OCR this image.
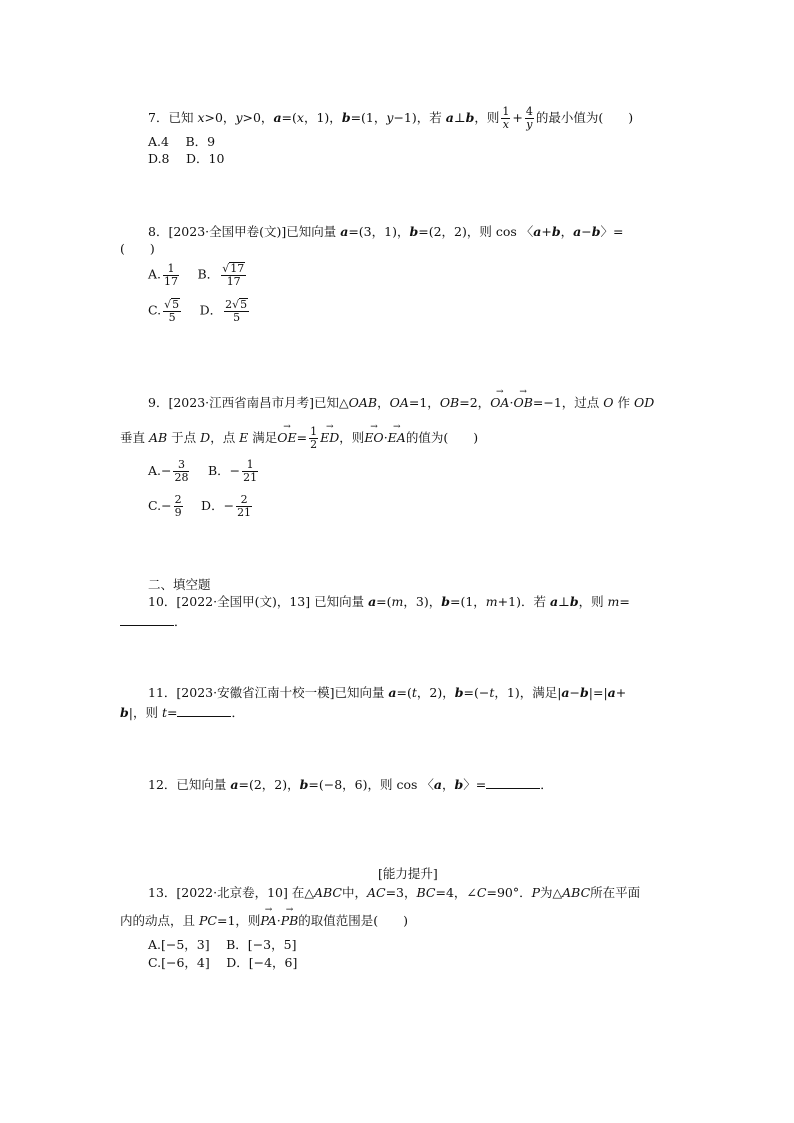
7．已知 x>0，y>0，a=(x，1)，b=(1，y−1)，若 a⊥b，则 $\frac{1}{x} + \frac{4}{y}$ 的最小值为(　　)
A.4　 B．9
D.8　 D．10
8．[2023·全国甲卷(文)]已知向量 a=(3，1)，b=(2，2)，则 cos 〈a+b，a−b〉=
(　　)
A. $\frac{1}{17}$ 　 B． $\frac{√17}{17}$
C. $\frac{√5}{5}$ 　 D． $\frac{2√5}{5}$
9．[2023·江西省南昌市月考]已知△OAB，OA=1，OB=2，→ OA·→ OB=−1，过点 O 作 OD
垂直 AB 于点 D，点 E 满足→ $OE= \frac{1}{2}$
→ ED，则→ EO·→ EA的值为(　　)
$A.- \frac{3}{28}$ 　 B．− $\frac{1}{21}$
$C.- \frac{2}{9}$ 　 D．− $\frac{2}{21}$
二、填空题
10．[2022·全国甲(文)，13] 已知向量 a=(m，3)，b=(1，m+1)．若 a⊥b，则 m=
．
11．[2023·安徽省江南十校一模]已知向量 a=(t，2)，b=(−t，1)，满足|a−b|=|a+
b|，则 t=	．
12．已知向量 a=(2，2)，b=(−8，6)，则 cos 〈a，b〉=	．
[能力提升]
13．[2022·北京卷，10] 在△ABC中，AC=3，BC=4，∠C=90°．P为△ABC所在平面
内的动点，且 PC=1，则→ PA·→ PB的取值范围是(　　)
A.[−5，3]　 B．[−3，5]
C.[−6，4]　 D．[−4，6]
